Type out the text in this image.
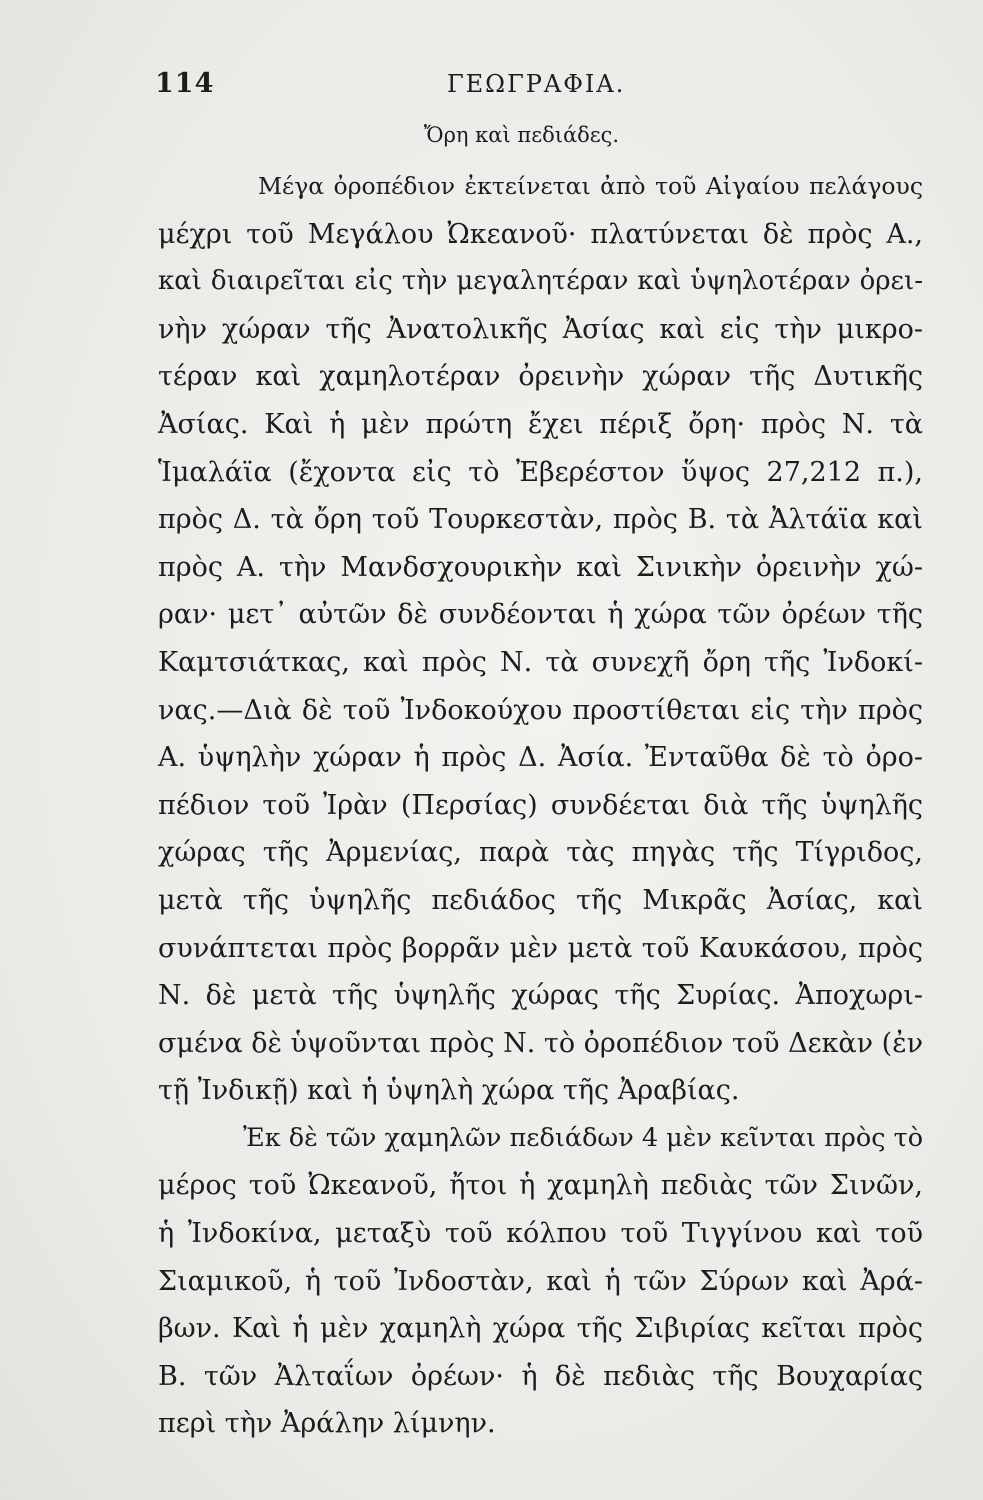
114	ΓΕΩΓΡΑΦΙΑ.
Ὄρη καὶ πεδιάδες.
Μέγα ὀροπέδιον ἐκτείνεται ἀπὸ τοῦ Αἰγαίου πελάγους
μέχρι τοῦ Μεγάλου Ὠκεανοῦ· πλατύνεται δὲ πρὸς Α.,
καὶ διαιρεῖται εἰς τὴν μεγαλητέραν καὶ ὑψηλοτέραν ὀρει-
νὴν χώραν τῆς Ἀνατολικῆς Ἀσίας καὶ εἰς τὴν μικρο-
τέραν καὶ χαμηλοτέραν ὀρεινὴν χώραν τῆς Δυτικῆς
Ἀσίας. Καὶ ἡ μὲν πρώτη ἔχει πέριξ ὄρη· πρὸς Ν. τὰ
Ἱμαλάϊα (ἔχοντα εἰς τὸ Ἐβερέστον ὕψος 27,212 π.),
πρὸς Δ. τὰ ὄρη τοῦ Τουρκεστὰν, πρὸς Β. τὰ Ἀλτάϊα καὶ
πρὸς Α. τὴν Μανδσχουρικὴν καὶ Σινικὴν ὀρεινὴν χώ-
ραν· μετ᾽ αὐτῶν δὲ συνδέονται ἡ χώρα τῶν ὀρέων τῆς
Καμτσιάτκας, καὶ πρὸς Ν. τὰ συνεχῆ ὄρη τῆς Ἰνδοκί-
νας.—Διὰ δὲ τοῦ Ἰνδοκούχου προστίθεται εἰς τὴν πρὸς
Α. ὑψηλὴν χώραν ἡ πρὸς Δ. Ἀσία. Ἐνταῦθα δὲ τὸ ὀρο-
πέδιον τοῦ Ἰρὰν (Περσίας) συνδέεται διὰ τῆς ὑψηλῆς
χώρας τῆς Ἀρμενίας, παρὰ τὰς πηγὰς τῆς Τίγριδος,
μετὰ τῆς ὑψηλῆς πεδιάδος τῆς Μικρᾶς Ἀσίας, καὶ
συνάπτεται πρὸς βορρᾶν μὲν μετὰ τοῦ Καυκάσου, πρὸς
Ν. δὲ μετὰ τῆς ὑψηλῆς χώρας τῆς Συρίας. Ἀποχωρι-
σμένα δὲ ὑψοῦνται πρὸς Ν. τὸ ὀροπέδιον τοῦ Δεκὰν (ἐν
τῇ Ἰνδικῇ) καὶ ἡ ὑψηλὴ χώρα τῆς Ἀραβίας.
Ἐκ δὲ τῶν χαμηλῶν πεδιάδων 4 μὲν κεῖνται πρὸς τὸ
μέρος τοῦ Ὠκεανοῦ, ἤτοι ἡ χαμηλὴ πεδιὰς τῶν Σινῶν,
ἡ Ἰνδοκίνα, μεταξὺ τοῦ κόλπου τοῦ Τιγγίνου καὶ τοῦ
Σιαμικοῦ, ἡ τοῦ Ἰνδοστὰν, καὶ ἡ τῶν Σύρων καὶ Ἀρά-
βων. Καὶ ἡ μὲν χαμηλὴ χώρα τῆς Σιβιρίας κεῖται πρὸς
Β. τῶν Ἀλταΐων ὀρέων· ἡ δὲ πεδιὰς τῆς Βουχαρίας
περὶ τὴν Ἀράλην λίμνην.
